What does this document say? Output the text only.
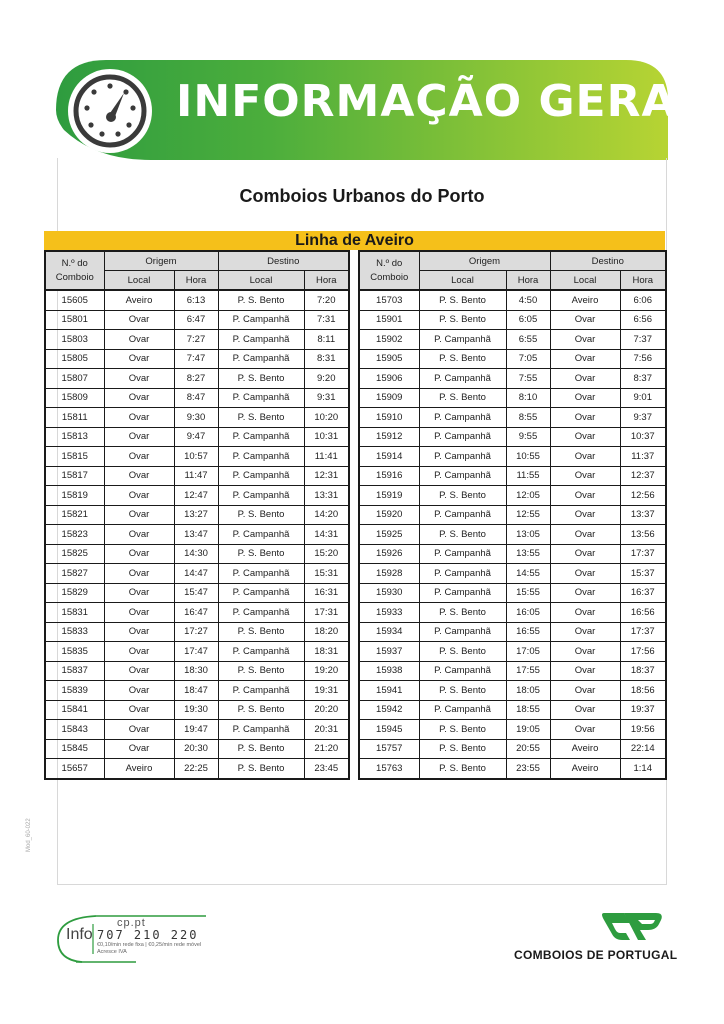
INFORMAÇÃO GERAL
Comboios Urbanos do Porto
Linha de Aveiro
N.º do
Comboio	Origem		Destino	
	Local	Hora	Local	Hora
15605	Aveiro	6:13	P. S. Bento	7:20
15801	Ovar	6:47	P. Campanhã	7:31
15803	Ovar	7:27	P. Campanhã	8:11
15805	Ovar	7:47	P. Campanhã	8:31
15807	Ovar	8:27	P. S. Bento	9:20
15809	Ovar	8:47	P. Campanhã	9:31
15811	Ovar	9:30	P. S. Bento	10:20
15813	Ovar	9:47	P. Campanhã	10:31
15815	Ovar	10:57	P. Campanhã	11:41
15817	Ovar	11:47	P. Campanhã	12:31
15819	Ovar	12:47	P. Campanhã	13:31
15821	Ovar	13:27	P. S. Bento	14:20
15823	Ovar	13:47	P. Campanhã	14:31
15825	Ovar	14:30	P. S. Bento	15:20
15827	Ovar	14:47	P. Campanhã	15:31
15829	Ovar	15:47	P. Campanhã	16:31
15831	Ovar	16:47	P. Campanhã	17:31
15833	Ovar	17:27	P. S. Bento	18:20
15835	Ovar	17:47	P. Campanhã	18:31
15837	Ovar	18:30	P. S. Bento	19:20
15839	Ovar	18:47	P. Campanhã	19:31
15841	Ovar	19:30	P. S. Bento	20:20
15843	Ovar	19:47	P. Campanhã	20:31
15845	Ovar	20:30	P. S. Bento	21:20
15657	Aveiro	22:25	P. S. Bento	23:45
N.º do
Comboio	Origem		Destino	
	Local	Hora	Local	Hora
15703	P. S. Bento	4:50	Aveiro	6:06
15901	P. S. Bento	6:05	Ovar	6:56
15902	P. Campanhã	6:55	Ovar	7:37
15905	P. S. Bento	7:05	Ovar	7:56
15906	P. Campanhã	7:55	Ovar	8:37
15909	P. S. Bento	8:10	Ovar	9:01
15910	P. Campanhã	8:55	Ovar	9:37
15912	P. Campanhã	9:55	Ovar	10:37
15914	P. Campanhã	10:55	Ovar	11:37
15916	P. Campanhã	11:55	Ovar	12:37
15919	P. S. Bento	12:05	Ovar	12:56
15920	P. Campanhã	12:55	Ovar	13:37
15925	P. S. Bento	13:05	Ovar	13:56
15926	P. Campanhã	13:55	Ovar	17:37
15928	P. Campanhã	14:55	Ovar	15:37
15930	P. Campanhã	15:55	Ovar	16:37
15933	P. S. Bento	16:05	Ovar	16:56
15934	P. Campanhã	16:55	Ovar	17:37
15937	P. S. Bento	17:05	Ovar	17:56
15938	P. Campanhã	17:55	Ovar	18:37
15941	P. S. Bento	18:05	Ovar	18:56
15942	P. Campanhã	18:55	Ovar	19:37
15945	P. S. Bento	19:05	Ovar	19:56
15757	P. S. Bento	20:55	Aveiro	22:14
15763	P. S. Bento	23:55	Aveiro	1:14
Mod_60-022
Info
cp.pt
707 210 220
€0,10/min rede fixa | €0,25/min rede móvel
Acresce IVA	COMBOIOS DE PORTUGAL
